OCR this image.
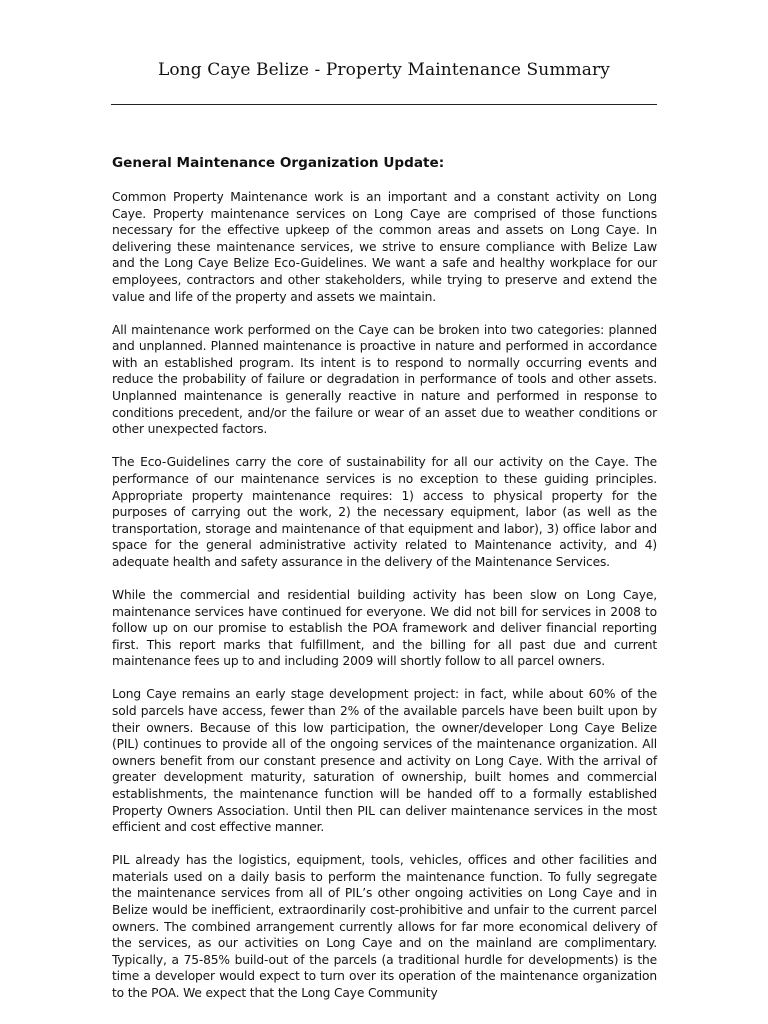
Long Caye Belize - Property Maintenance Summary
General Maintenance Organization Update:

Common Property Maintenance work is an important and a constant activity on Long Caye. Property maintenance services on Long Caye are comprised of those functions necessary for the effective upkeep of the common areas and assets on Long Caye. In delivering these maintenance services, we strive to ensure compliance with Belize Law and the Long Caye Belize Eco-Guidelines. We want a safe and healthy workplace for our employees, contractors and other stakeholders, while trying to preserve and extend the value and life of the property and assets we maintain.

All maintenance work performed on the Caye can be broken into two categories: planned and unplanned. Planned maintenance is proactive in nature and performed in accordance with an established program. Its intent is to respond to normally occurring events and reduce the probability of failure or degradation in performance of tools and other assets. Unplanned maintenance is generally reactive in nature and performed in response to conditions precedent, and/or the failure or wear of an asset due to weather conditions or other unexpected factors.

The Eco-Guidelines carry the core of sustainability for all our activity on the Caye. The performance of our maintenance services is no exception to these guiding principles. Appropriate property maintenance requires: 1) access to physical property for the purposes of carrying out the work, 2) the necessary equipment, labor (as well as the transportation, storage and maintenance of that equipment and labor), 3) office labor and space for the general administrative activity related to Maintenance activity, and 4) adequate health and safety assurance in the delivery of the Maintenance Services.

While the commercial and residential building activity has been slow on Long Caye, maintenance services have continued for everyone. We did not bill for services in 2008 to follow up on our promise to establish the POA framework and deliver financial reporting first. This report marks that fulfillment, and the billing for all past due and current maintenance fees up to and including 2009 will shortly follow to all parcel owners.

Long Caye remains an early stage development project: in fact, while about 60% of the sold parcels have access, fewer than 2% of the available parcels have been built upon by their owners. Because of this low participation, the owner/developer Long Caye Belize (PIL) continues to provide all of the ongoing services of the maintenance organization. All owners benefit from our constant presence and activity on Long Caye. With the arrival of greater development maturity, saturation of ownership, built homes and commercial establishments, the maintenance function will be handed off to a formally established Property Owners Association. Until then PIL can deliver maintenance services in the most efficient and cost effective manner.

PIL already has the logistics, equipment, tools, vehicles, offices and other facilities and materials used on a daily basis to perform the maintenance function. To fully segregate the maintenance services from all of PIL’s other ongoing activities on Long Caye and in Belize would be inefficient, extraordinarily cost-prohibitive and unfair to the current parcel owners. The combined arrangement currently allows for far more economical delivery of the services, as our activities on Long Caye and on the mainland are complimentary. Typically, a 75-85% build-out of the parcels (a traditional hurdle for developments) is the time a developer would expect to turn over its operation of the maintenance organization to the POA. We expect that the Long Caye Community
